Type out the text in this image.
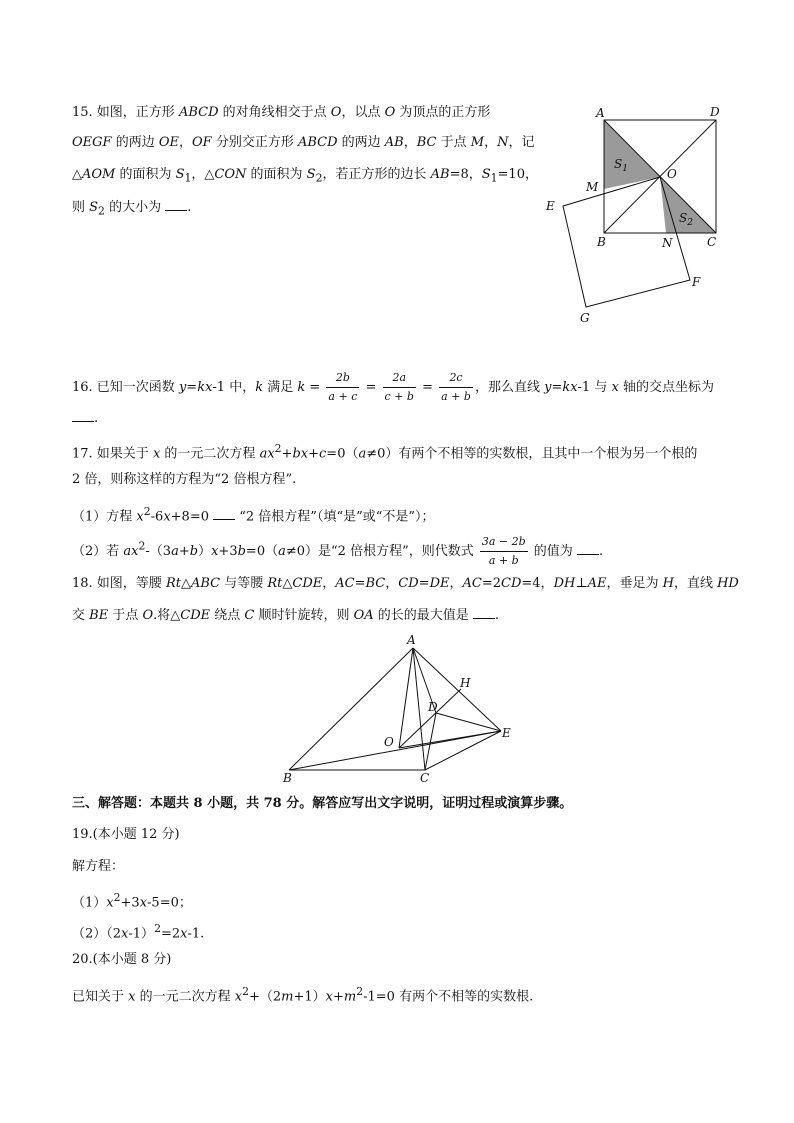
15. 如图，正方形 ABCD 的对角线相交于点 O，以点 O 为顶点的正方形
OEGF 的两边 OE，OF 分别交正方形 ABCD 的两边 AB，BC 于点 M，N，记
△AOM 的面积为 $S_1$，△CON 的面积为 $S_2$，若正方形的边长 AB=8，$S_1=10$，
则 $S_2$ 的大小为 .
A	D
O
M
E
B	N	C
F
G
$S_1$
$S_2$
16. 已知一次函数 y=kx-1 中，k 满足 $k = \frac{2b}{a + c} = \frac{2a}{c + b} = \frac{2c}{a + b}$ ，那么直线 y=kx-1 与 x 轴的交点坐标为
.
17. 如果关于 x 的一元二次方程 $ax^2+bx+c=0(a\ne 0)$有两个不相等的实数根，且其中一个根为另一个根的
2 倍，则称这样的方程为“2 倍根方程”.
（1）方程 $x^2-6x+8=0$  “2 倍根方程”（填“是”或“不是”）；
（2）若 $ax^2-(3a+b)x+3b=0(a\ne 0)$是“2 倍根方程”，则代数式 $\frac{3a - 2b}{a + b}$ 的值为 .
18. 如图，等腰 Rt△ABC 与等腰 Rt△CDE，AC=BC，CD=DE，AC=2CD=4，DH⊥AE，垂足为 H，直线 HD
交 BE 于点 O.将△CDE 绕点 C 顺时针旋转，则 OA 的长的最大值是 .
A
H
D
O
E
B	C
三、解答题：本题共 8 小题，共 78 分。解答应写出文字说明，证明过程或演算步骤。
19.(本小题 12 分)
解方程：
$(1)x^2+3x-5=0$；
$(2)(2x-1)^2=2x-1$.
20.(本小题 8 分)
已知关于 x 的一元二次方程 $x^2+(2m+1)x+m^2-1=0$ 有两个不相等的实数根.
